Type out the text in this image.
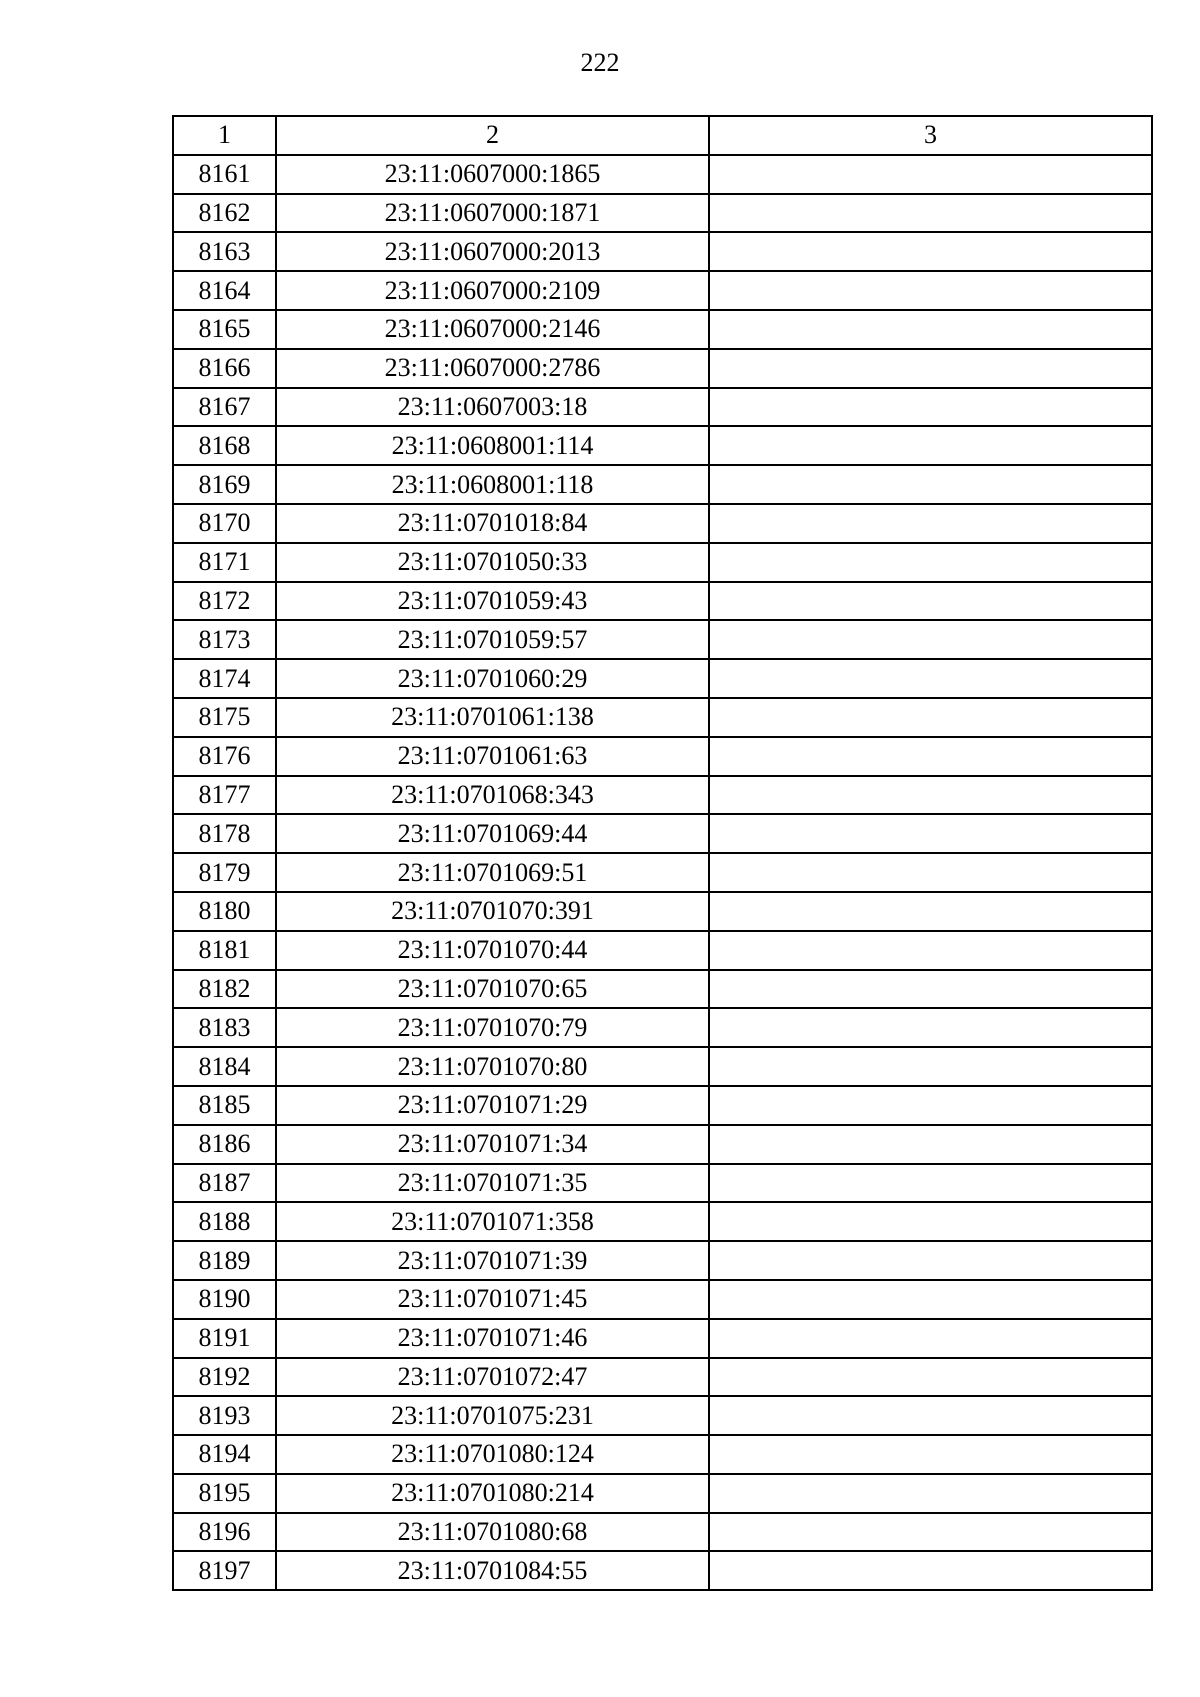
222
1	2	3
8161	23:11:0607000:1865	
8162	23:11:0607000:1871	
8163	23:11:0607000:2013	
8164	23:11:0607000:2109	
8165	23:11:0607000:2146	
8166	23:11:0607000:2786	
8167	23:11:0607003:18	
8168	23:11:0608001:114	
8169	23:11:0608001:118	
8170	23:11:0701018:84	
8171	23:11:0701050:33	
8172	23:11:0701059:43	
8173	23:11:0701059:57	
8174	23:11:0701060:29	
8175	23:11:0701061:138	
8176	23:11:0701061:63	
8177	23:11:0701068:343	
8178	23:11:0701069:44	
8179	23:11:0701069:51	
8180	23:11:0701070:391	
8181	23:11:0701070:44	
8182	23:11:0701070:65	
8183	23:11:0701070:79	
8184	23:11:0701070:80	
8185	23:11:0701071:29	
8186	23:11:0701071:34	
8187	23:11:0701071:35	
8188	23:11:0701071:358	
8189	23:11:0701071:39	
8190	23:11:0701071:45	
8191	23:11:0701071:46	
8192	23:11:0701072:47	
8193	23:11:0701075:231	
8194	23:11:0701080:124	
8195	23:11:0701080:214	
8196	23:11:0701080:68	
8197	23:11:0701084:55	
